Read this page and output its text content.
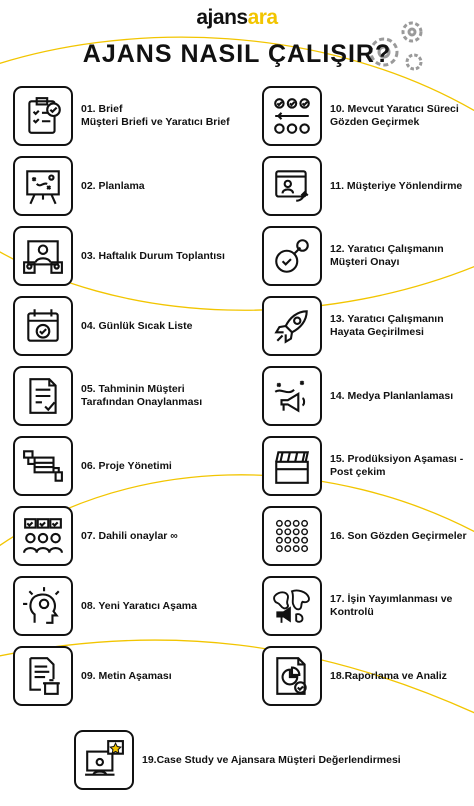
ajansara
AJANS NASIL ÇALIŞIR?
01. Brief
Müşteri Briefi ve Yaratıcı Brief
02. Planlama
03. Haftalık Durum Toplantısı
04. Günlük Sıcak Liste
05. Tahminin Müşteri
Tarafından Onaylanması
06. Proje Yönetimi
07. Dahili onaylar ∞
08. Yeni Yaratıcı Aşama
09. Metin Aşaması
10. Mevcut Yaratıcı Süreci
Gözden Geçirmek
11. Müşteriye Yönlendirme
12. Yaratıcı Çalışmanın
Müşteri Onayı
13. Yaratıcı Çalışmanın
Hayata Geçirilmesi
14. Medya Planlanlaması
15. Prodüksiyon Aşaması -
Post çekim
16. Son Gözden Geçirmeler
17. İşin Yayımlanması ve
Kontrolü
18.Raporlama ve Analiz
19.Case Study ve Ajansara Müşteri Değerlendirmesi
